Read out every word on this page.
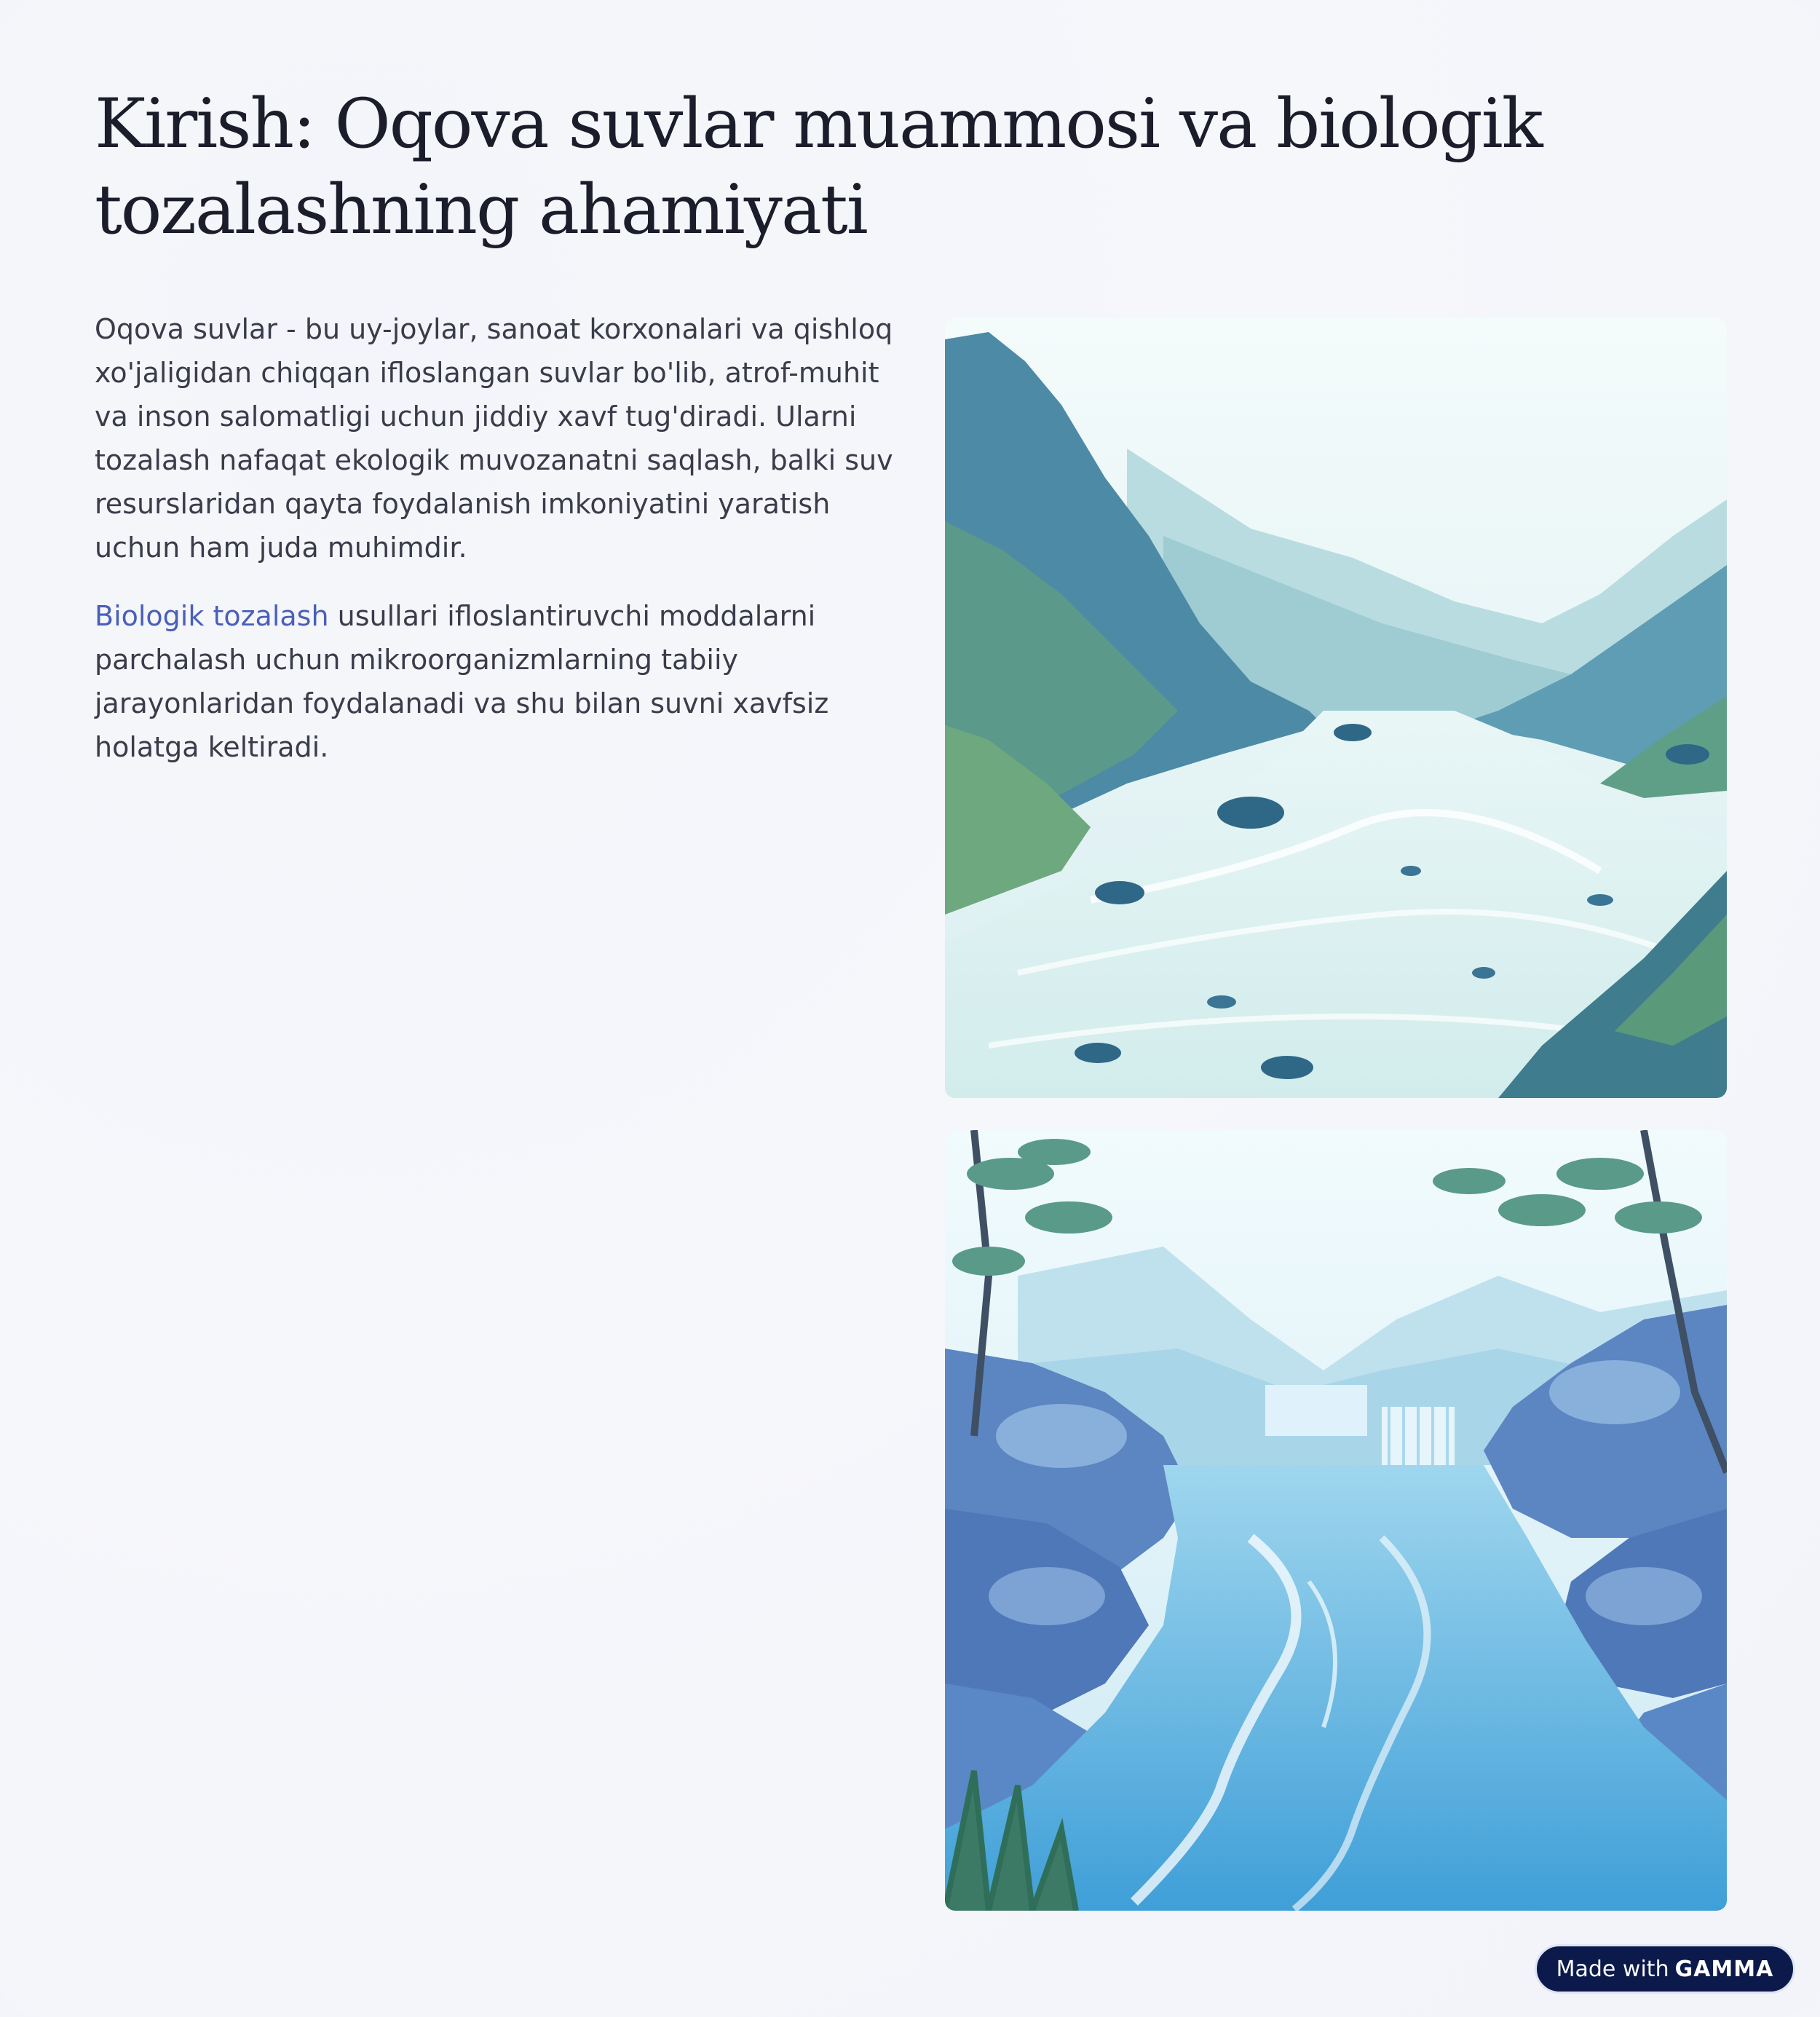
Kirish: Oqova suvlar muammosi va biologik tozalashning ahamiyati

Oqova suvlar - bu uy-joylar, sanoat korxonalari va qishloq xo'jaligidan chiqqan ifloslangan suvlar bo'lib, atrof-muhit va inson salomatligi uchun jiddiy xavf tug'diradi. Ularni tozalash nafaqat ekologik muvozanatni saqlash, balki suv resurslaridan qayta foydalanish imkoniyatini yaratish uchun ham juda muhimdir.

Biologik tozalash usullari ifloslantiruvchi moddalarni parchalash uchun mikroorganizmlarning tabiiy jarayonlaridan foydalanadi va shu bilan suvni xavfsiz holatga keltiradi.

Made with GAMMA
